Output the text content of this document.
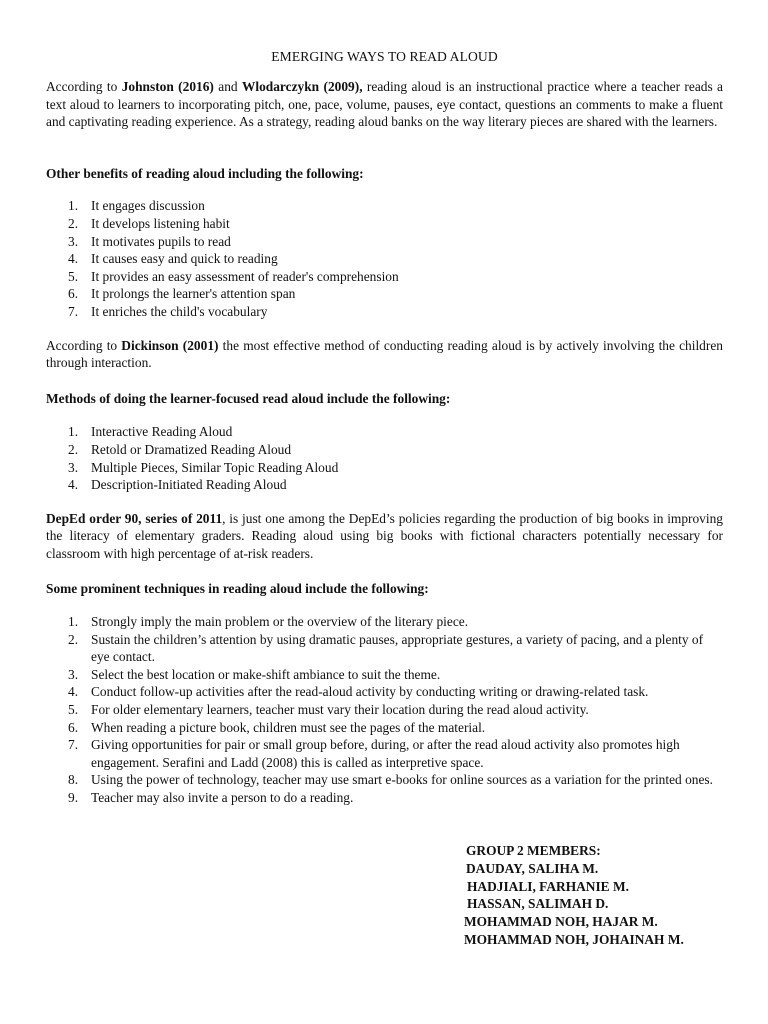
EMERGING WAYS TO READ ALOUD

According to Johnston (2016) and Wlodarczykn (2009), reading aloud is an instructional practice where a teacher reads a text aloud to learners to incorporating pitch, one, pace, volume, pauses, eye contact, questions an comments to make a fluent and captivating reading experience. As a strategy, reading aloud banks on the way literary pieces are shared with the learners.

Other benefits of reading aloud including the following:

1. It engages discussion
2. It develops listening habit
3. It motivates pupils to read
4. It causes easy and quick to reading
5. It provides an easy assessment of reader's comprehension
6. It prolongs the learner's attention span
7. It enriches the child's vocabulary

According to Dickinson (2001) the most effective method of conducting reading aloud is by actively involving the children through interaction.

Methods of doing the learner-focused read aloud include the following:

1. Interactive Reading Aloud
2. Retold or Dramatized Reading Aloud
3. Multiple Pieces, Similar Topic Reading Aloud
4. Description-Initiated Reading Aloud

DepEd order 90, series of 2011, is just one among the DepEd’s policies regarding the production of big books in improving the literacy of elementary graders. Reading aloud using big books with fictional characters potentially necessary for classroom with high percentage of at-risk readers.

Some prominent techniques in reading aloud include the following:

1. Strongly imply the main problem or the overview of the literary piece.
2. Sustain the children’s attention by using dramatic pauses, appropriate gestures, a variety of pacing, and a plenty of eye contact.
3. Select the best location or make-shift ambiance to suit the theme.
4. Conduct follow-up activities after the read-aloud activity by conducting writing or drawing-related task.
5. For older elementary learners, teacher must vary their location during the read aloud activity.
6. When reading a picture book, children must see the pages of the material.
7. Giving opportunities for pair or small group before, during, or after the read aloud activity also promotes high engagement. Serafini and Ladd (2008) this is called as interpretive space.
8. Using the power of technology, teacher may use smart e-books for online sources as a variation for the printed ones.
9. Teacher may also invite a person to do a reading.
GROUP 2 MEMBERS:
DAUDAY, SALIHA M.
HADJIALI, FARHANIE M.
HASSAN, SALIMAH D.
MOHAMMAD NOH, HAJAR M.
MOHAMMAD NOH, JOHAINAH M.
